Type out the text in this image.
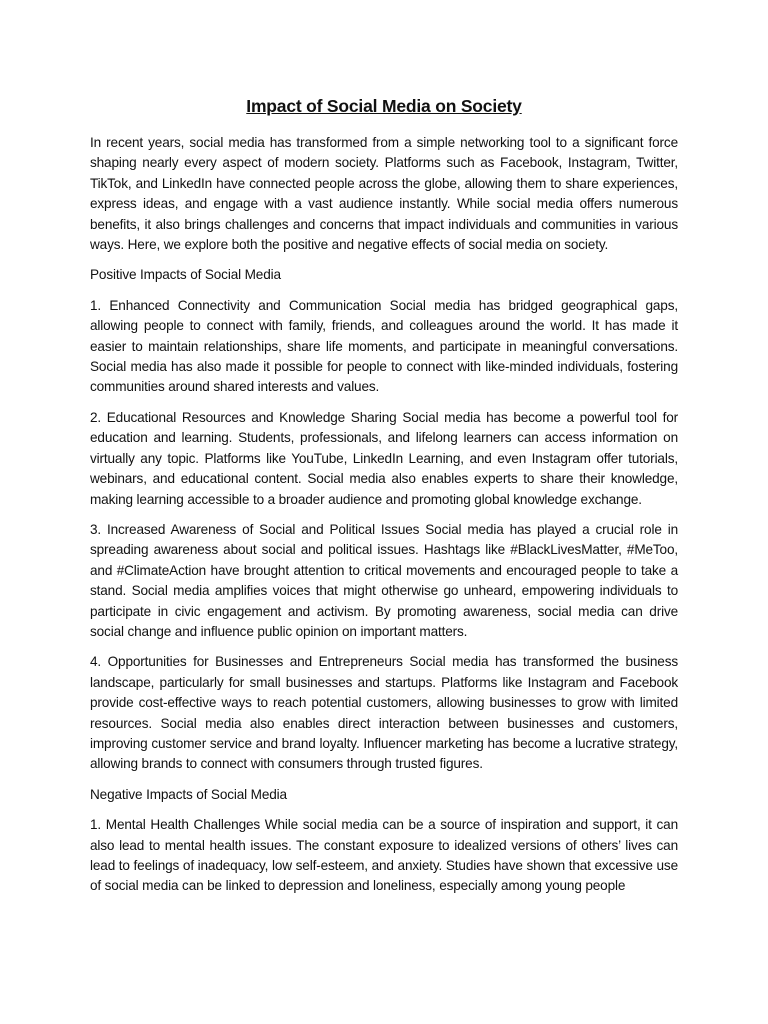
Impact of Social Media on Society

In recent years, social media has transformed from a simple networking tool to a significant force shaping nearly every aspect of modern society. Platforms such as Facebook, Instagram, Twitter, TikTok, and LinkedIn have connected people across the globe, allowing them to share experiences, express ideas, and engage with a vast audience instantly. While social media offers numerous benefits, it also brings challenges and concerns that impact individuals and communities in various ways. Here, we explore both the positive and negative effects of social media on society.

Positive Impacts of Social Media

1. Enhanced Connectivity and Communication Social media has bridged geographical gaps, allowing people to connect with family, friends, and colleagues around the world. It has made it easier to maintain relationships, share life moments, and participate in meaningful conversations. Social media has also made it possible for people to connect with like-minded individuals, fostering communities around shared interests and values.

2. Educational Resources and Knowledge Sharing Social media has become a powerful tool for education and learning. Students, professionals, and lifelong learners can access information on virtually any topic. Platforms like YouTube, LinkedIn Learning, and even Instagram offer tutorials, webinars, and educational content. Social media also enables experts to share their knowledge, making learning accessible to a broader audience and promoting global knowledge exchange.

3. Increased Awareness of Social and Political Issues Social media has played a crucial role in spreading awareness about social and political issues. Hashtags like #BlackLivesMatter, #MeToo, and #ClimateAction have brought attention to critical movements and encouraged people to take a stand. Social media amplifies voices that might otherwise go unheard, empowering individuals to participate in civic engagement and activism. By promoting awareness, social media can drive social change and influence public opinion on important matters.

4. Opportunities for Businesses and Entrepreneurs Social media has transformed the business landscape, particularly for small businesses and startups. Platforms like Instagram and Facebook provide cost-effective ways to reach potential customers, allowing businesses to grow with limited resources. Social media also enables direct interaction between businesses and customers, improving customer service and brand loyalty. Influencer marketing has become a lucrative strategy, allowing brands to connect with consumers through trusted figures.

Negative Impacts of Social Media

1. Mental Health Challenges While social media can be a source of inspiration and support, it can also lead to mental health issues. The constant exposure to idealized versions of others’ lives can lead to feelings of inadequacy, low self-esteem, and anxiety. Studies have shown that excessive use of social media can be linked to depression and loneliness, especially among young people
